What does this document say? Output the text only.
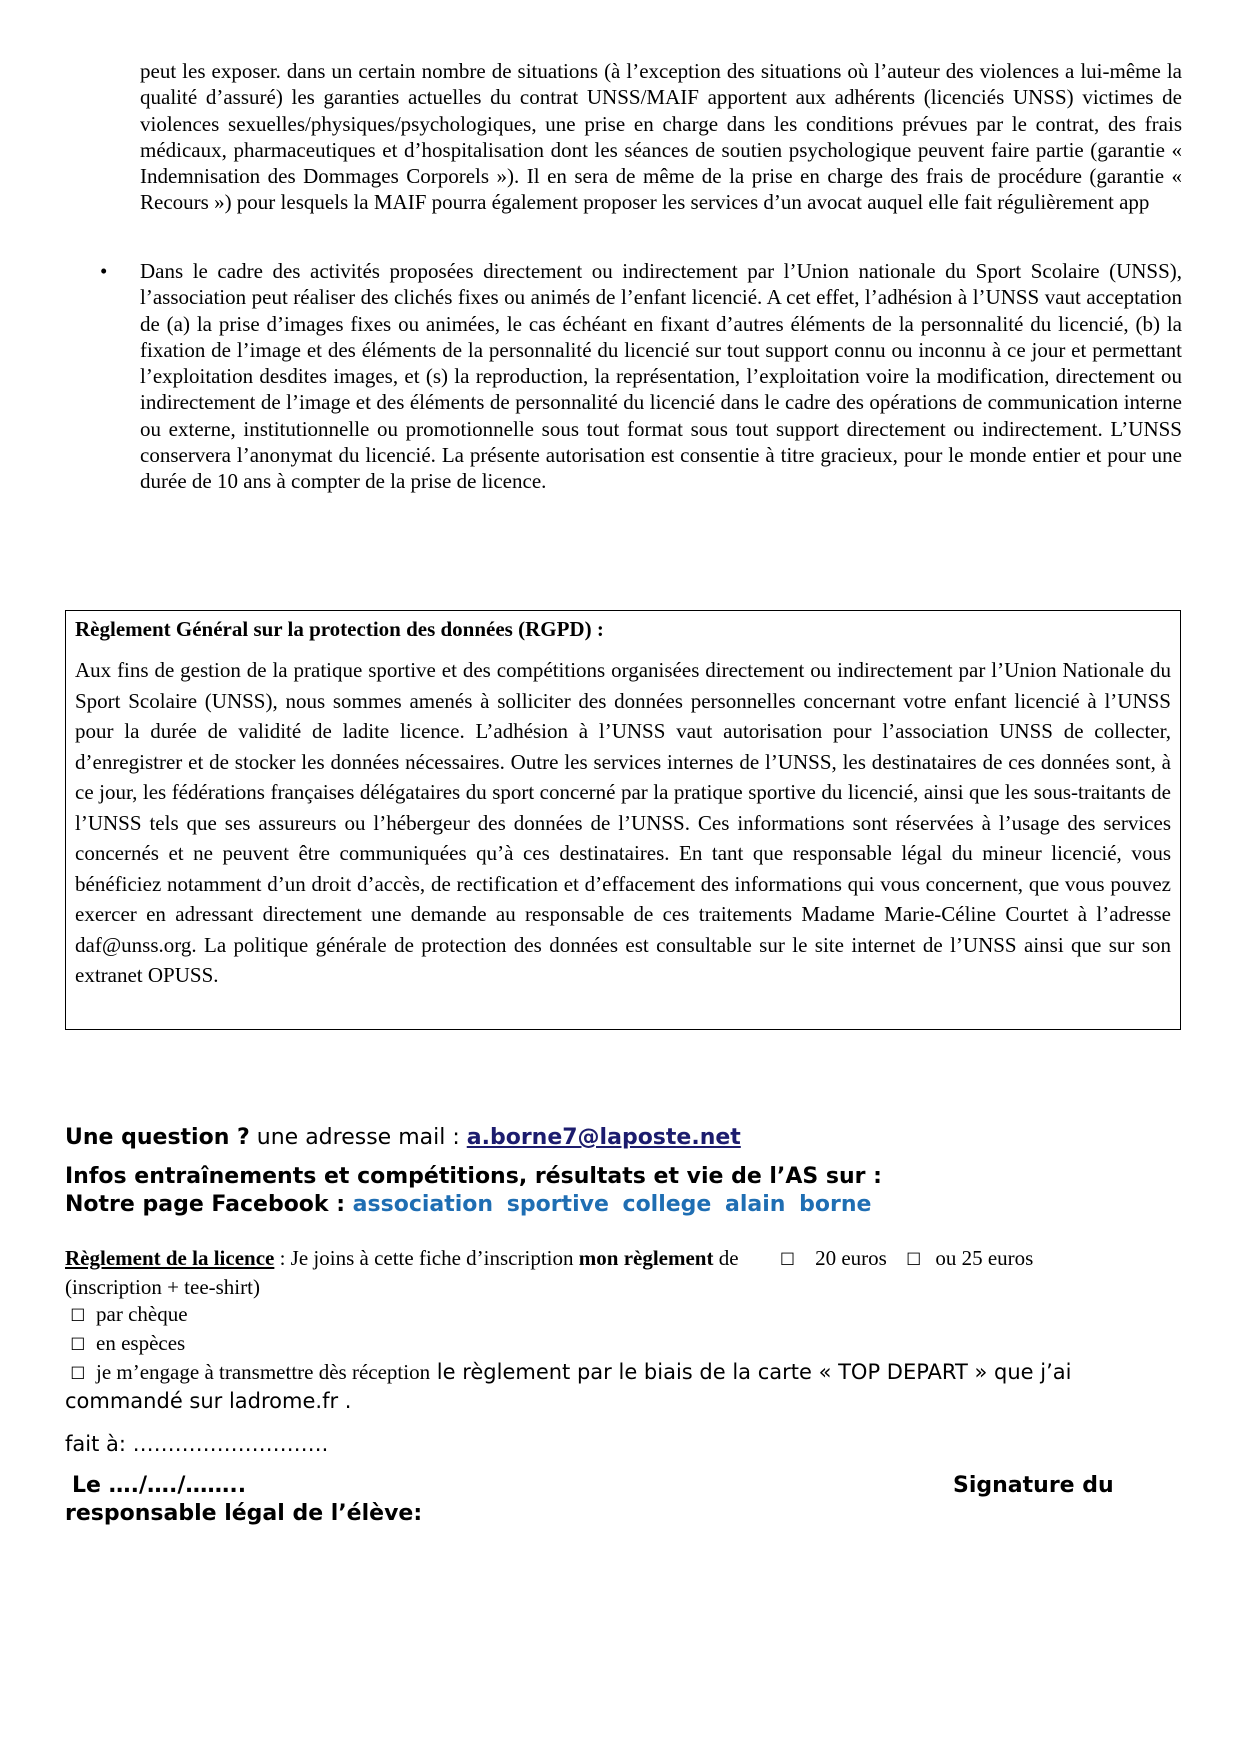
peut les exposer. dans un certain nombre de situations (à l’exception des situations où l’auteur des violences a lui-même la qualité d’assuré) les garanties actuelles du contrat UNSS/MAIF apportent aux adhérents (licenciés UNSS) victimes de violences sexuelles/physiques/psychologiques, une prise en charge dans les conditions prévues par le contrat, des frais médicaux, pharmaceutiques et d’hospitalisation dont les séances de soutien psychologique peuvent faire partie (garantie « Indemnisation des Dommages Corporels »). Il en sera de même de la prise en charge des frais de procédure (garantie « Recours ») pour lesquels la MAIF pourra également proposer les services d’un avocat auquel elle fait régulièrement app
• Dans le cadre des activités proposées directement ou indirectement par l’Union nationale du Sport Scolaire (UNSS), l’association peut réaliser des clichés fixes ou animés de l’enfant licencié. A cet effet, l’adhésion à l’UNSS vaut acceptation de (a) la prise d’images fixes ou animées, le cas échéant en fixant d’autres éléments de la personnalité du licencié, (b) la fixation de l’image et des éléments de la personnalité du licencié sur tout support connu ou inconnu à ce jour et permettant l’exploitation desdites images, et (s) la reproduction, la représentation, l’exploitation voire la modification, directement ou indirectement de l’image et des éléments de personnalité du licencié dans le cadre des opérations de communication interne ou externe, institutionnelle ou promotionnelle sous tout format sous tout support directement ou indirectement. L’UNSS conservera l’anonymat du licencié. La présente autorisation est consentie à titre gracieux, pour le monde entier et pour une durée de 10 ans à compter de la prise de licence.
Règlement Général sur la protection des données (RGPD) :
Aux fins de gestion de la pratique sportive et des compétitions organisées directement ou indirectement par l’Union Nationale du Sport Scolaire (UNSS), nous sommes amenés à solliciter des données personnelles concernant votre enfant licencié à l’UNSS pour la durée de validité de ladite licence. L’adhésion à l’UNSS vaut autorisation pour l’association UNSS de collecter, d’enregistrer et de stocker les données nécessaires. Outre les services internes de l’UNSS, les destinataires de ces données sont, à ce jour, les fédérations françaises délégataires du sport concerné par la pratique sportive du licencié, ainsi que les sous-traitants de l’UNSS tels que ses assureurs ou l’hébergeur des données de l’UNSS. Ces informations sont réservées à l’usage des services concernés et ne peuvent être communiquées qu’à ces destinataires. En tant que responsable légal du mineur licencié, vous bénéficiez notamment d’un droit d’accès, de rectification et d’effacement des informations qui vous concernent, que vous pouvez exercer en adressant directement une demande au responsable de ces traitements Madame Marie-Céline Courtet à l’adresse daf@unss.org. La politique générale de protection des données est consultable sur le site internet de l’UNSS ainsi que sur son extranet OPUSS.
Une question ? une adresse mail : a.borne7@laposte.net
Infos entraînements et compétitions, résultats et vie de l’AS sur :
Notre page Facebook : association sportive college alain borne
Règlement de la licence : Je joins à cette fiche d’inscription mon règlement de ☐ 20 euros ☐ ou 25 euros
(inscription + tee-shirt)
☐ par chèque
☐ en espèces
☐ je m’engage à transmettre dès réception le règlement par le biais de la carte « TOP DEPART » que j’ai commandé sur ladrome.fr .
fait à: ……………………….
Le …./…./……..	Signature du
responsable légal de l’élève:
